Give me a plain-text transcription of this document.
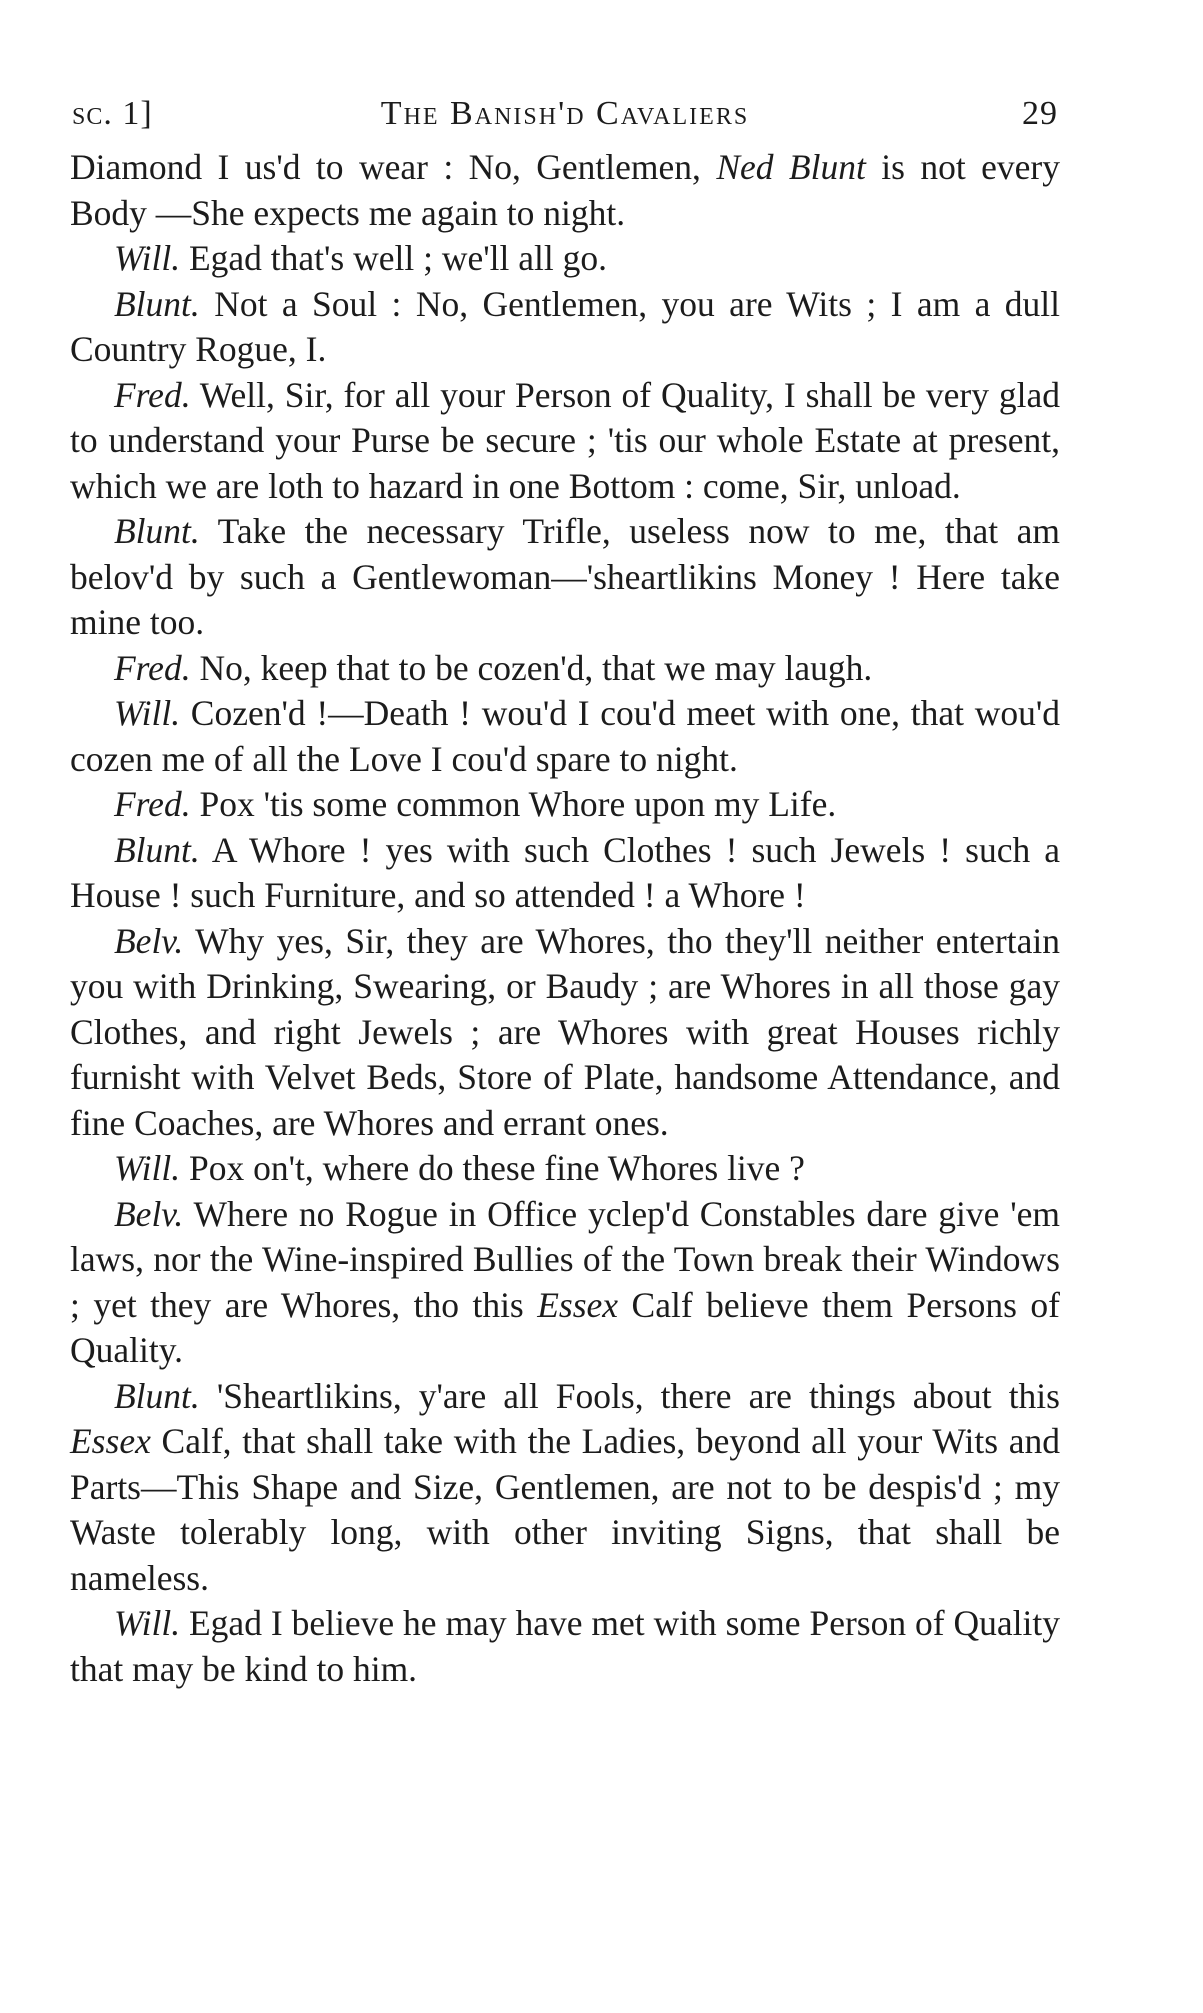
sc. 1]	The Banish'd Cavaliers	29

Diamond I us'd to wear : No, Gentlemen, Ned Blunt is not every Body —She expects me again to night.

Will. Egad that's well ; we'll all go.

Blunt. Not a Soul : No, Gentlemen, you are Wits ; I am a dull Country Rogue, I.

Fred. Well, Sir, for all your Person of Quality, I shall be very glad to understand your Purse be secure ; 'tis our whole Estate at present, which we are loth to hazard in one Bottom : come, Sir, unload.

Blunt. Take the necessary Trifle, useless now to me, that am belov'd by such a Gentlewoman—'sheartlikins Money ! Here take mine too.

Fred. No, keep that to be cozen'd, that we may laugh.

Will. Cozen'd !—Death ! wou'd I cou'd meet with one, that wou'd cozen me of all the Love I cou'd spare to night.

Fred. Pox 'tis some common Whore upon my Life.

Blunt. A Whore ! yes with such Clothes ! such Jewels ! such a House ! such Furniture, and so attended ! a Whore !

Belv. Why yes, Sir, they are Whores, tho they'll neither entertain you with Drinking, Swearing, or Baudy ; are Whores in all those gay Clothes, and right Jewels ; are Whores with great Houses richly furnisht with Velvet Beds, Store of Plate, handsome Attendance, and fine Coaches, are Whores and errant ones.

Will. Pox on't, where do these fine Whores live ?

Belv. Where no Rogue in Office yclep'd Constables dare give 'em laws, nor the Wine-inspired Bullies of the Town break their Windows ; yet they are Whores, tho this Essex Calf believe them Persons of Quality.

Blunt. 'Sheartlikins, y'are all Fools, there are things about this Essex Calf, that shall take with the Ladies, beyond all your Wits and Parts—This Shape and Size, Gentlemen, are not to be despis'd ; my Waste tolerably long, with other inviting Signs, that shall be nameless.

Will. Egad I believe he may have met with some Person of Quality that may be kind to him.
